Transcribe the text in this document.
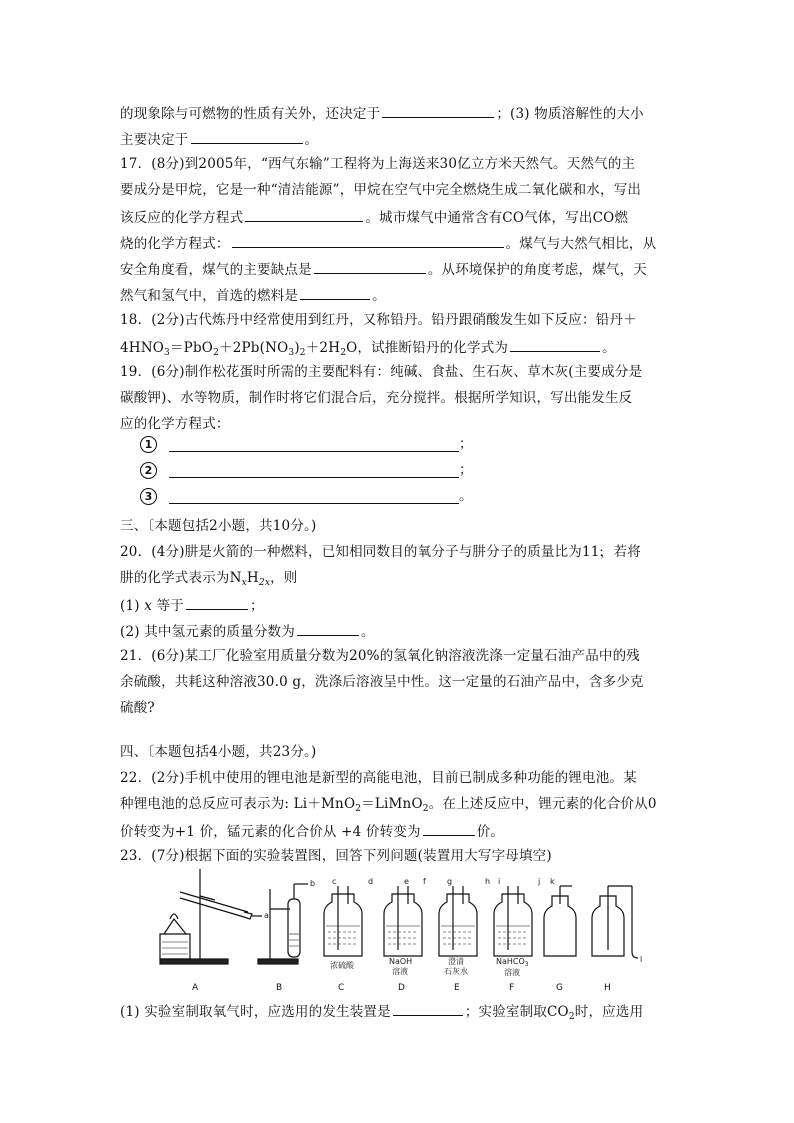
的现象除与可燃物的性质有关外，还决定于	；(3) 物质溶解性的大小
主要决定于	。
17．(8分)到2005年，“西气东输”工程将为上海送来30亿立方米天然气。天然气的主
要成分是甲烷，它是一种“清洁能源”，甲烷在空气中完全燃烧生成二氧化碳和水，写出
该反应的化学方程式	。城市煤气中通常含有CO气体，写出CO燃
烧的化学方程式：	。煤气与大然气相比，从
安全角度看，煤气的主要缺点是	。从环境保护的角度考虑，煤气，天
然气和氢气中，首选的燃料是	。
18．(2分)古代炼丹中经常使用到红丹，又称铅丹。铅丹跟硝酸发生如下反应：铅丹＋
$4HNO_3=PbO_2+2Pb(NO_3)_2+2H_2O$，试推断铅丹的化学式为	。
19．(6分)制作松花蛋时所需的主要配料有：纯碱、食盐、生石灰、草木灰(主要成分是
碳酸钾)、水等物质，制作时将它们混合后，充分搅拌。根据所学知识，写出能发生反
应的化学方程式：
1	；
2	；
3	。
三、〔本题包括2小题，共10分。)
20．(4分)肼是火箭的一种燃料，已知相同数目的氧分子与肼分子的质量比为1 ׃1，若将
肼的化学式表示为$N_xH_{2x}$，则
(1) x 等于	；
(2) 其中氢元素的质量分数为	。
21．(6分)某工厂化验室用质量分数为20%的氢氧化钠溶液洗涤一定量石油产品中的残
余硫酸，共耗这种溶液30.0 g，洗涤后溶液呈中性。这一定量的石油产品中，含多少克
硫酸?
四、〔本题包括4小题，共23分。)
22．(2分)手机中使用的锂电池是新型的高能电池，目前已制成多种功能的锂电池。某
种锂电池的总反应可表示为: Li＋MnO$_2$＝LiMnO$_2$。在上述反应中，锂元素的化合价从0
价转变为+1 价，锰元素的化合价从 +4 价转变为	价。
23．(7分)根据下面的实验装置图，回答下列问题(装置用大写字母填空)
a
b c	d	e f	g	h i	j k
l
浓硫酸	NaOH
溶液
澄清
石灰水
NaHCO$_3$
溶液
A	B	C	D	E	F	G	H
(1) 实验室制取氧气时，应选用的发生装置是	；实验室制取$CO_2$时，应选用
